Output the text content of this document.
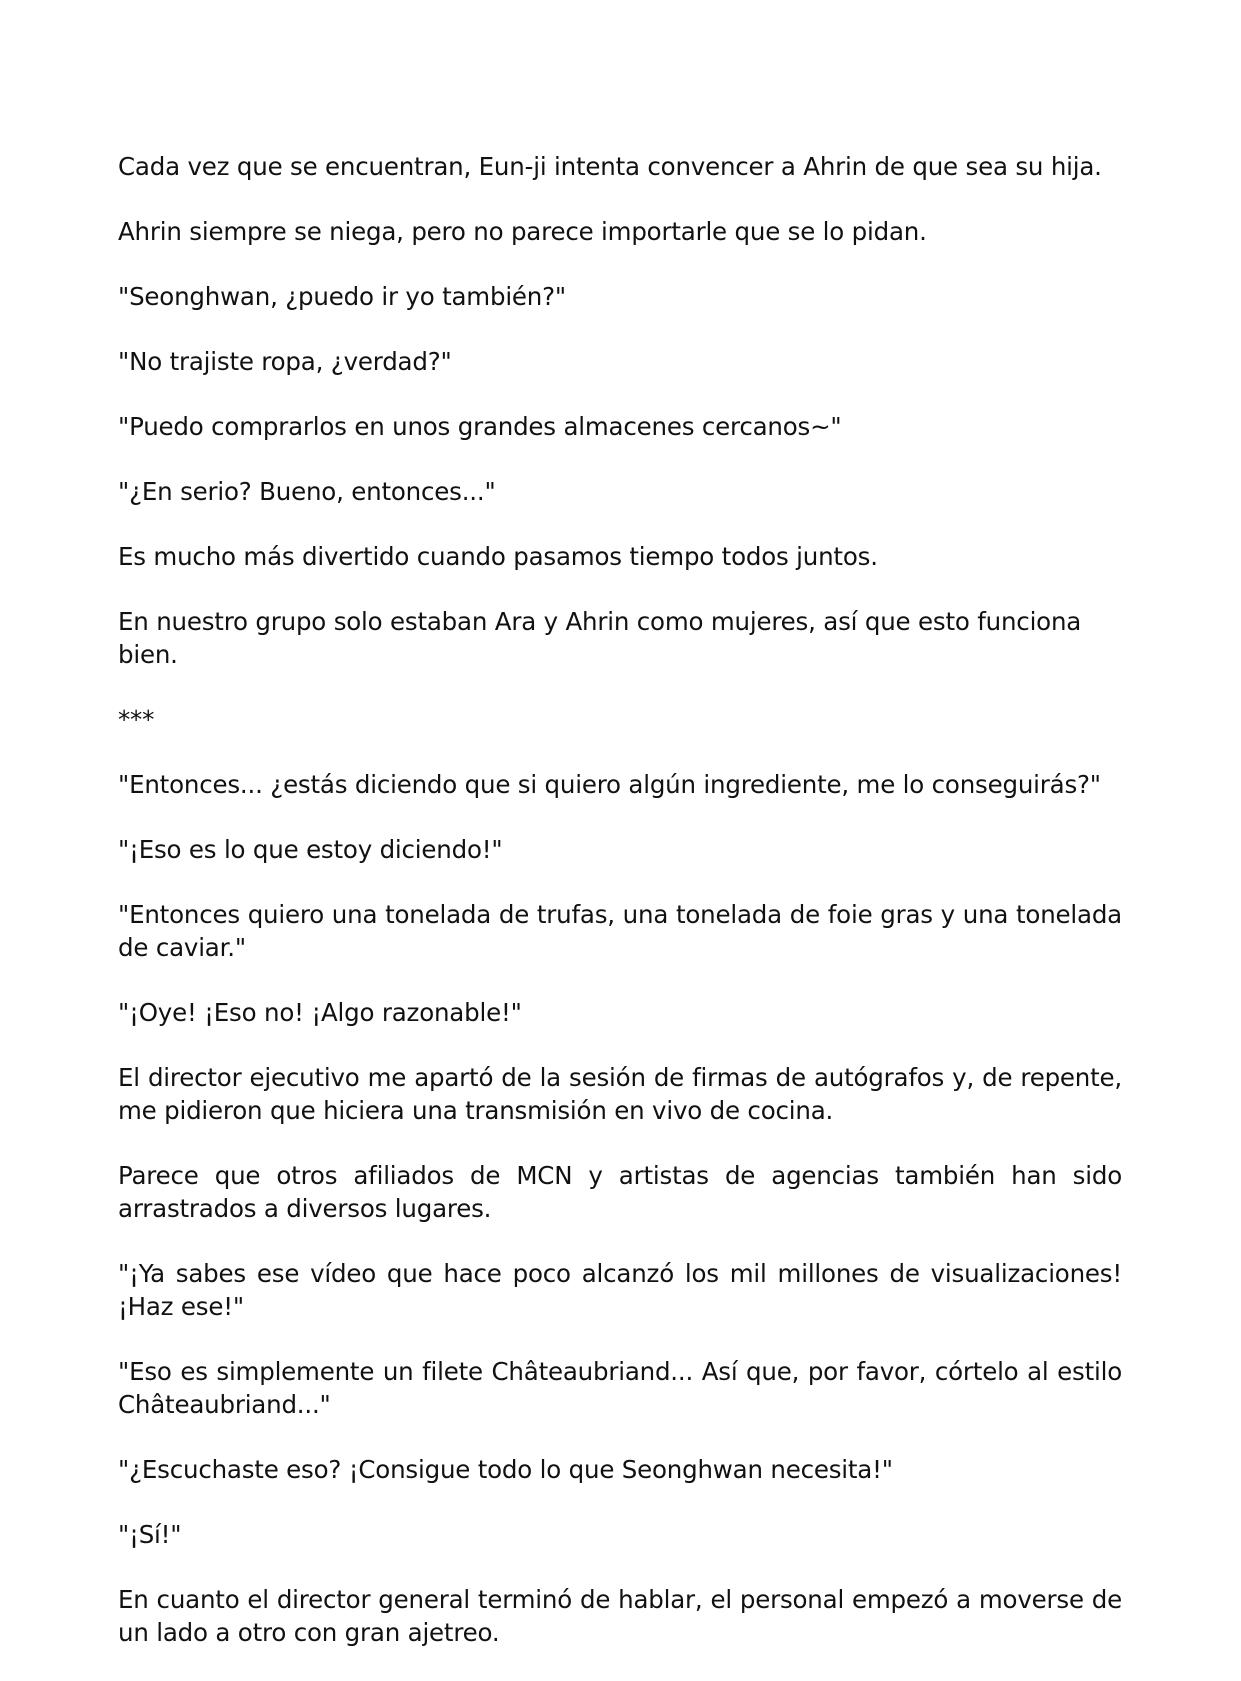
Cada vez que se encuentran, Eun-ji intenta convencer a Ahrin de que sea su hija.

Ahrin siempre se niega, pero no parece importarle que se lo pidan.

"Seonghwan, ¿puedo ir yo también?"

"No trajiste ropa, ¿verdad?"

"Puedo comprarlos en unos grandes almacenes cercanos~"

"¿En serio? Bueno, entonces..."

Es mucho más divertido cuando pasamos tiempo todos juntos.

En nuestro grupo solo estaban Ara y Ahrin como mujeres, así que esto funciona bien.

***

"Entonces... ¿estás diciendo que si quiero algún ingrediente, me lo conseguirás?"

"¡Eso es lo que estoy diciendo!"

"Entonces quiero una tonelada de trufas, una tonelada de foie gras y una tonelada de caviar."

"¡Oye! ¡Eso no! ¡Algo razonable!"

El director ejecutivo me apartó de la sesión de firmas de autógrafos y, de repente, me pidieron que hiciera una transmisión en vivo de cocina.

Parece que otros afiliados de MCN y artistas de agencias también han sido arrastrados a diversos lugares.

"¡Ya sabes ese vídeo que hace poco alcanzó los mil millones de visualizaciones! ¡Haz ese!"

"Eso es simplemente un filete Châteaubriand... Así que, por favor, córtelo al estilo Châteaubriand..."

"¿Escuchaste eso? ¡Consigue todo lo que Seonghwan necesita!"

"¡Sí!"

En cuanto el director general terminó de hablar, el personal empezó a moverse de un lado a otro con gran ajetreo.
